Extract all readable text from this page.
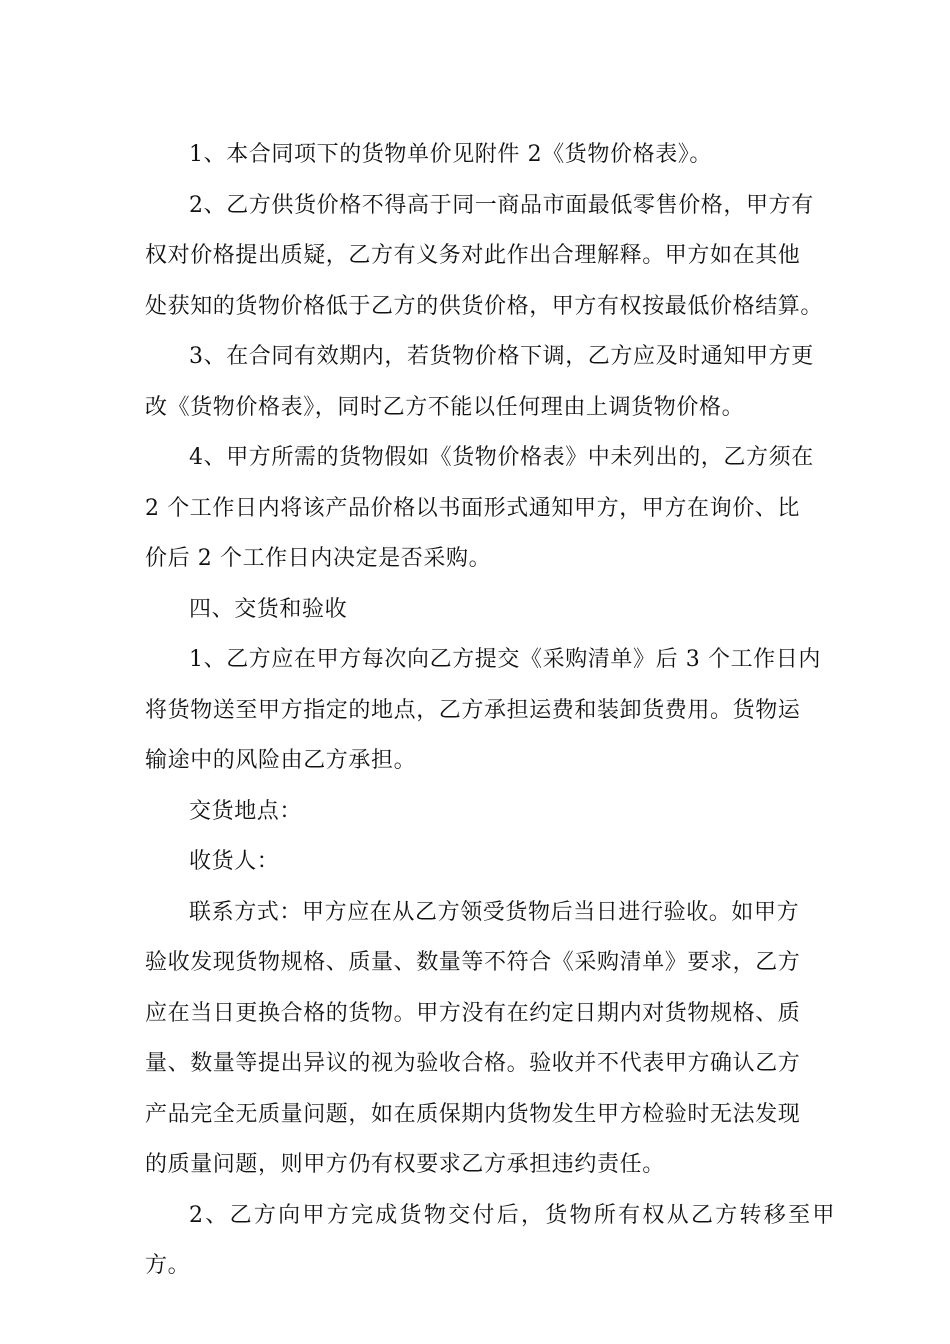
1、本合同项下的货物单价见附件 2《货物价格表》。

2、乙方供货价格不得高于同一商品市面最低零售价格，甲方有
权对价格提出质疑，乙方有义务对此作出合理解释。甲方如在其他
处获知的货物价格低于乙方的供货价格，甲方有权按最低价格结算。

3、在合同有效期内，若货物价格下调，乙方应及时通知甲方更
改《货物价格表》，同时乙方不能以任何理由上调货物价格。

4、甲方所需的货物假如《货物价格表》中未列出的，乙方须在
2 个工作日内将该产品价格以书面形式通知甲方，甲方在询价、比
价后 2 个工作日内决定是否采购。

四、交货和验收

1、乙方应在甲方每次向乙方提交《采购清单》后 3 个工作日内
将货物送至甲方指定的地点，乙方承担运费和装卸货费用。货物运
输途中的风险由乙方承担。

交货地点：

收货人：

联系方式：甲方应在从乙方领受货物后当日进行验收。如甲方
验收发现货物规格、质量、数量等不符合《采购清单》要求，乙方
应在当日更换合格的货物。甲方没有在约定日期内对货物规格、质
量、数量等提出异议的视为验收合格。验收并不代表甲方确认乙方
产品完全无质量问题，如在质保期内货物发生甲方检验时无法发现
的质量问题，则甲方仍有权要求乙方承担违约责任。

2、乙方向甲方完成货物交付后，货物所有权从乙方转移至甲方。
